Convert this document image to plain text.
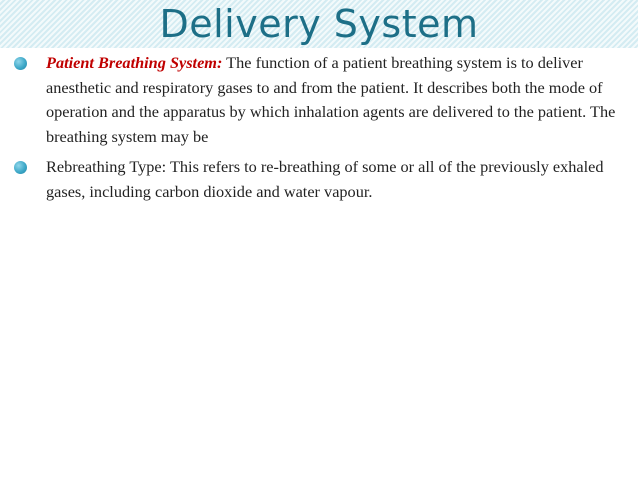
Delivery System
Patient Breathing System: The function of a patient breathing system is to deliver anesthetic and respiratory gases to and from the patient. It describes both the mode of operation and the apparatus by which inhalation agents are delivered to the patient. The breathing system may be
Rebreathing Type: This refers to re-breathing of some or all of the previously exhaled gases, including carbon dioxide and water vapour.
